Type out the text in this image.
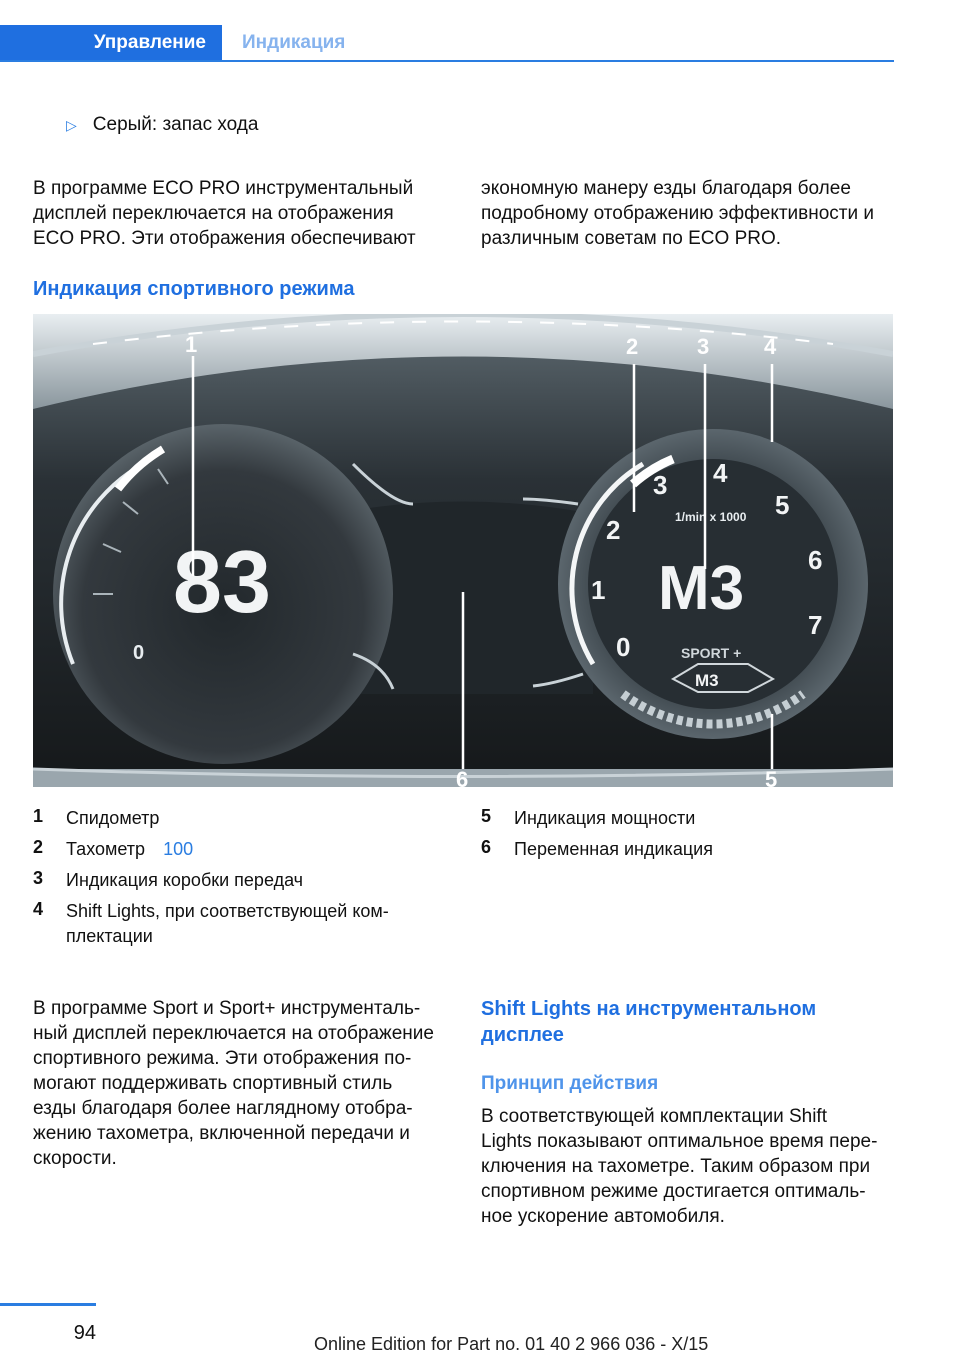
Управление	Индикация
▷ Серый: запас хода
В программе ECO PRO инструментальный
дисплей переключается на отображения
ECO PRO. Эти отображения обеспечивают
экономную манеру езды благодаря более
подробному отображению эффективности и
различным советам по ECO PRO.
Индикация спортивного режима
0
83
0
1
2
3 4
5
6
7
1/min x 1000
M3
SPORT +
M3
1	2	3 4
5
6
1	Спидометр
2	Тахометр 100
3	Индикация коробки передач
4	Shift Lights, при соответствующей ком-
плектации
5	Индикация мощности
6	Переменная индикация
В программе Sport и Sport+ инструменталь-
ный дисплей переключается на отображение
спортивного режима. Эти отображения по-
могают поддерживать спортивный стиль
езды благодаря более наглядному отобра-
жению тахометра, включенной передачи и
скорости.
Shift Lights на инструментальном
дисплее
Принцип действия
В соответствующей комплектации Shift
Lights показывают оптимальное время пере-
ключения на тахометре. Таким образом при
спортивном режиме достигается оптималь-
ное ускорение автомобиля.
94	Online Edition for Part no. 01 40 2 966 036 - X/15
